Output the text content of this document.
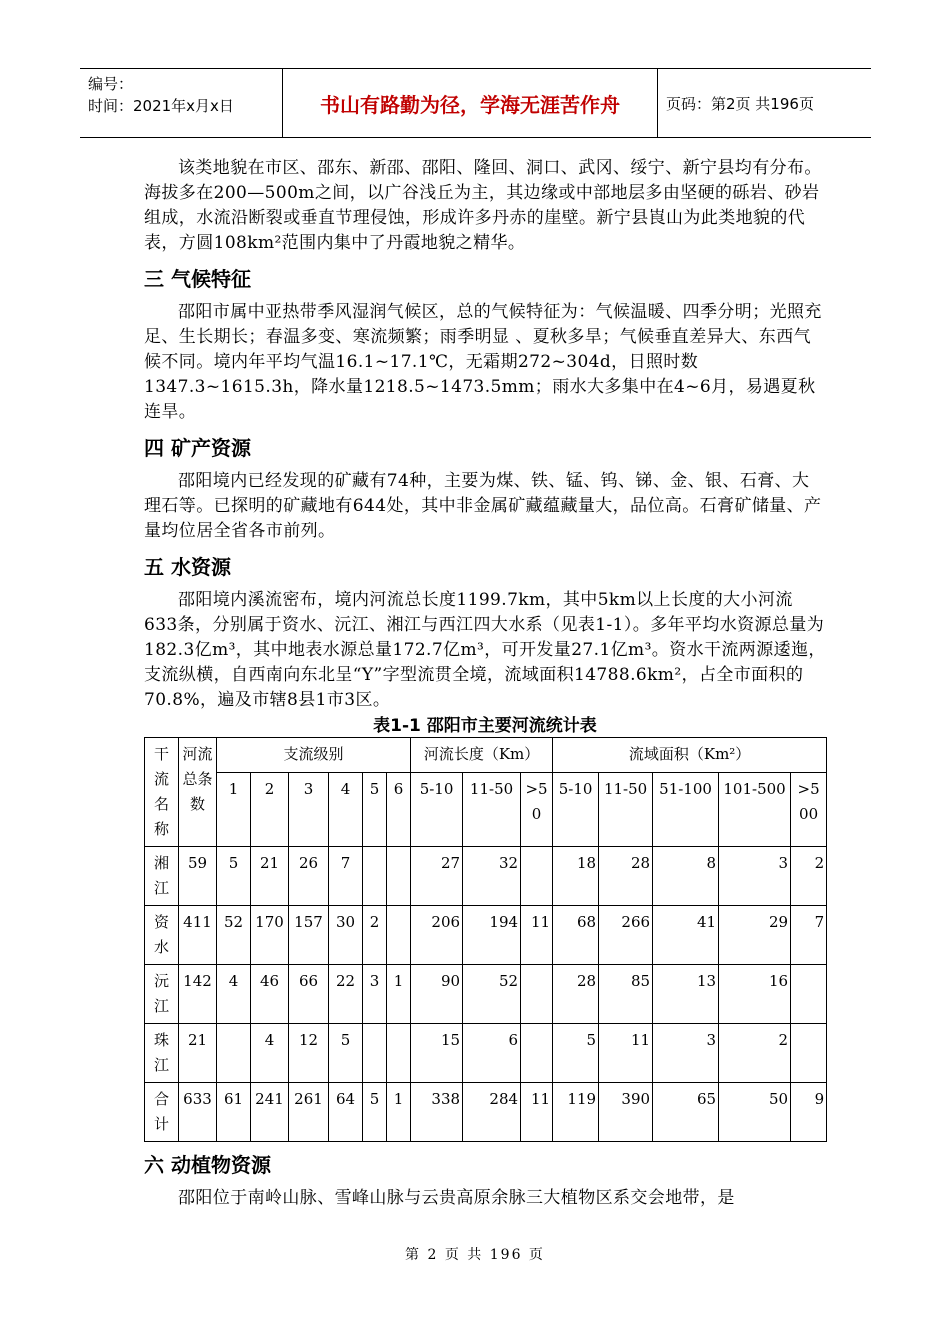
编号：
时间：2021年x月x日	书山有路勤为径，学海无涯苦作舟	页码：第2页 共196页

该类地貌在市区、邵东、新邵、邵阳、隆回、洞口、武冈、绥宁、新宁县均有分布。海拔多在200—500m之间，以广谷浅丘为主，其边缘或中部地层多由坚硬的砾岩、砂岩组成，水流沿断裂或垂直节理侵蚀，形成许多丹赤的崖壁。新宁县崀山为此类地貌的代表，方圆108km²范围内集中了丹霞地貌之精华。

三 气候特征

邵阳市属中亚热带季风湿润气候区，总的气候特征为：气候温暖、四季分明；光照充足、生长期长；春温多变、寒流频繁；雨季明显 、夏秋多旱；气候垂直差异大、东西气候不同。境内年平均气温16.1~17.1℃，无霜期272~304d，日照时数1347.3~1615.3h，降水量1218.5~1473.5mm；雨水大多集中在4~6月，易遇夏秋连旱。

四 矿产资源

邵阳境内已经发现的矿藏有74种，主要为煤、铁、锰、钨、锑、金、银、石膏、大理石等。已探明的矿藏地有644处，其中非金属矿藏蕴藏量大，品位高。石膏矿储量、产量均位居全省各市前列。

五 水资源

邵阳境内溪流密布，境内河流总长度1199.7km，其中5km以上长度的大小河流633条，分别属于资水、沅江、湘江与西江四大水系（见表1-1）。多年平均水资源总量为182.3亿m³，其中地表水源总量172.7亿m³，可开发量27.1亿m³。资水干流两源逶迤，支流纵横，自西南向东北呈“Y”字型流贯全境，流域面积14788.6km²，占全市面积的70.8%，遍及市辖8县1市3区。

表1-1 邵阳市主要河流统计表
干流名称	河流总条数	支流级别						河流长度（Km）			流域面积（Km²）				
		1	2	3	4	5	6	5-10	11-50	>50	5-10	11-50	51-100	101-500	>500
湘江	59	5	21	26	7			27	32		18	28	8	3	2
资水	411	52	170	157	30	2		206	194	11	68	266	41	29	7
沅江	142	4	46	66	22	3	1	90	52		28	85	13	16	
珠江	21		4	12	5			15	6		5	11	3	2	
合计	633	61	241	261	64	5	1	338	284	11	119	390	65	50	9
六 动植物资源

邵阳位于南岭山脉、雪峰山脉与云贵高原余脉三大植物区系交会地带，是

第 2 页 共 196 页
